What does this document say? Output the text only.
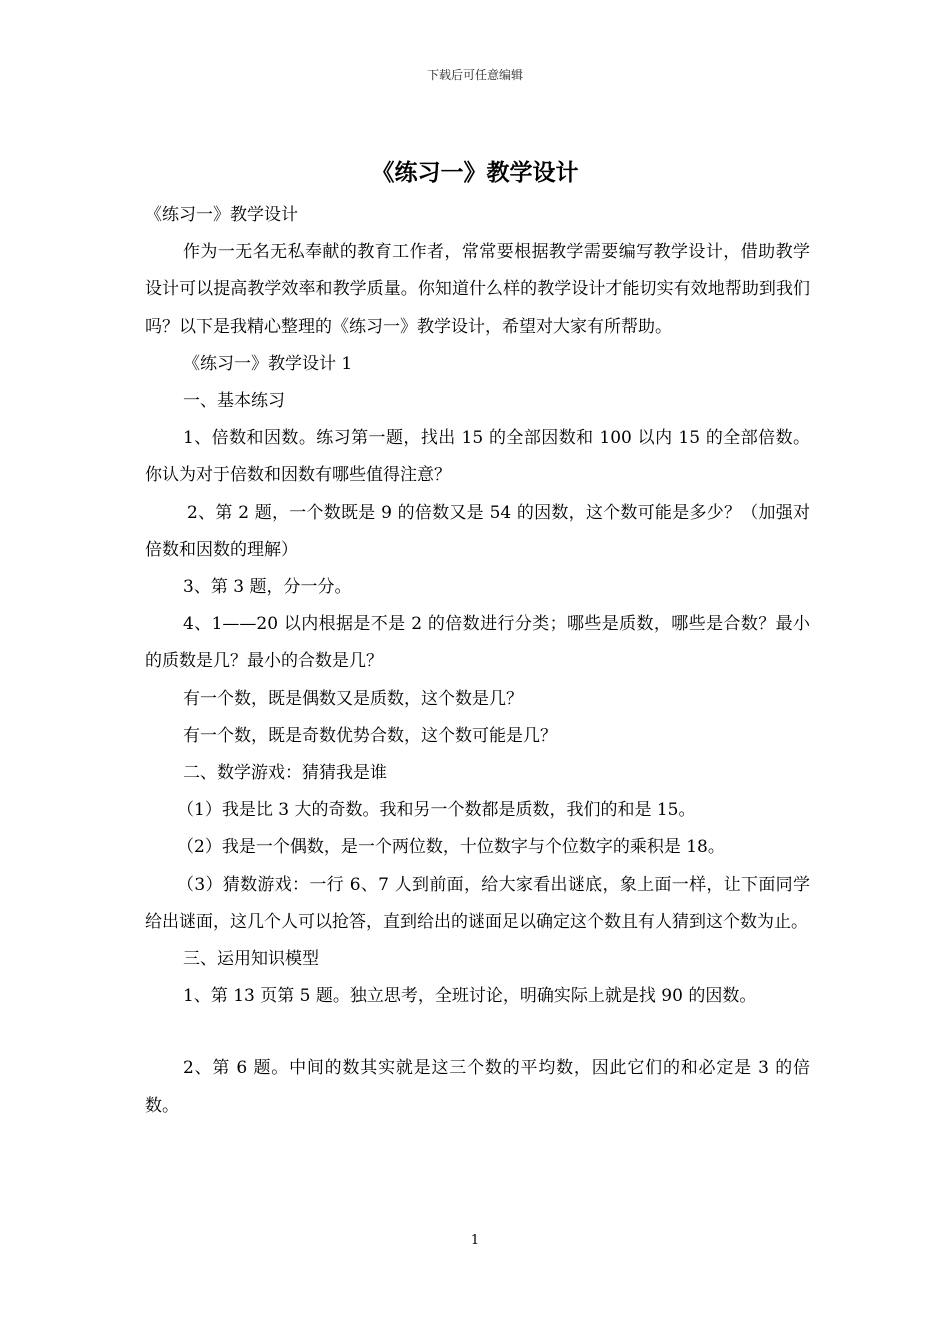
下载后可任意编辑
《练习一》教学设计

《练习一》教学设计

作为一无名无私奉献的教育工作者，常常要根据教学需要编写教学设计，借助教学设计可以提高教学效率和教学质量。你知道什么样的教学设计才能切实有效地帮助到我们吗？以下是我精心整理的《练习一》教学设计，希望对大家有所帮助。

《练习一》教学设计 1

一、基本练习

1、倍数和因数。练习第一题，找出 15 的全部因数和 100 以内 15 的全部倍数。你认为对于倍数和因数有哪些值得注意？

2、第 2 题，一个数既是 9 的倍数又是 54 的因数，这个数可能是多少？（加强对倍数和因数的理解）

3、第 3 题，分一分。

4、1——20 以内根据是不是 2 的倍数进行分类；哪些是质数，哪些是合数？最小的质数是几？最小的合数是几？

有一个数，既是偶数又是质数，这个数是几？

有一个数，既是奇数优势合数，这个数可能是几？

二、数学游戏：猜猜我是谁

（1）我是比 3 大的奇数。我和另一个数都是质数，我们的和是 15。

（2）我是一个偶数，是一个两位数，十位数字与个位数字的乘积是 18。

（3）猜数游戏：一行 6、7 人到前面，给大家看出谜底，象上面一样，让下面同学给出谜面，这几个人可以抢答，直到给出的谜面足以确定这个数且有人猜到这个数为止。

三、运用知识模型

1、第 13 页第 5 题。独立思考，全班讨论，明确实际上就是找 90 的因数。

2、第 6 题。中间的数其实就是这三个数的平均数，因此它们的和必定是 3 的倍数。

1
